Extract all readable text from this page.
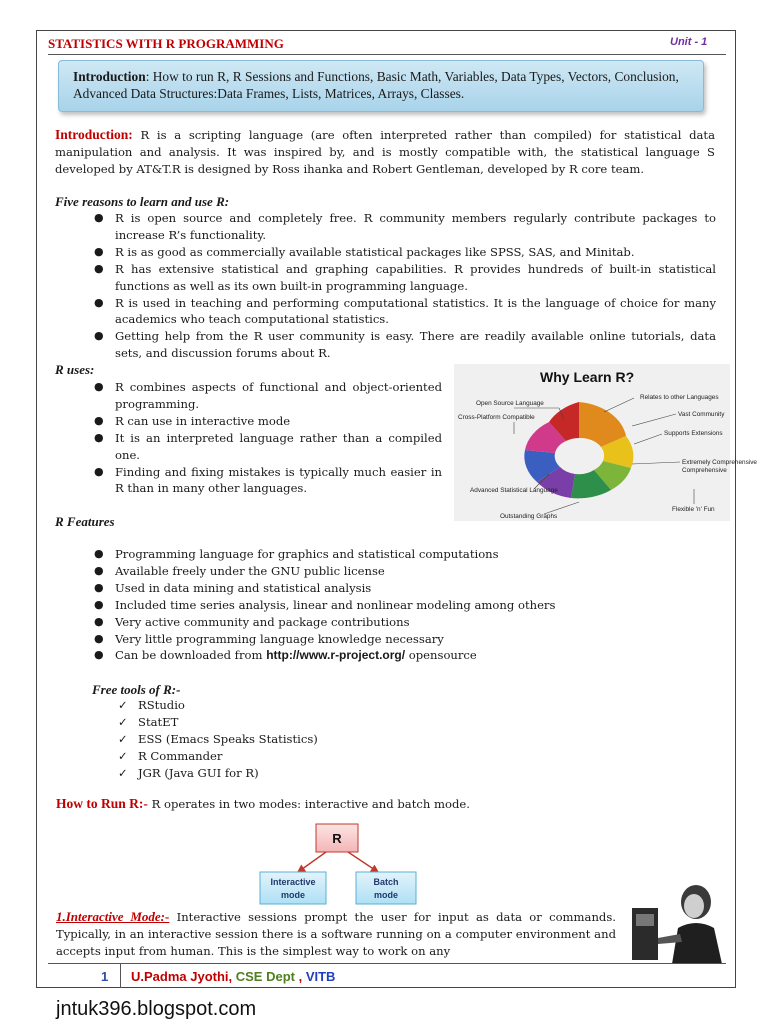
STATISTICS WITH R PROGRAMMING	Unit - 1
Introduction: How to run R, R Sessions and Functions, Basic Math, Variables, Data Types, Vectors, Conclusion, Advanced Data Structures:Data Frames, Lists, Matrices, Arrays, Classes.
Introduction: R is a scripting language (are often interpreted rather than compiled) for statistical data manipulation and analysis. It was inspired by, and is mostly compatible with, the statistical language S developed by AT&T.R is designed by Ross ihanka and Robert Gentleman, developed by R core team.
Five reasons to learn and use R:
● R is open source and completely free. R community members regularly contribute packages to increase R’s functionality.
● R is as good as commercially available statistical packages like SPSS, SAS, and Minitab.
● R has extensive statistical and graphing capabilities. R provides hundreds of built-in statistical functions as well as its own built-in programming language.
● R is used in teaching and performing computational statistics. It is the language of choice for many academics who teach computational statistics.
● Getting help from the R user community is easy. There are readily available online tutorials, data sets, and discussion forums about R.
R uses:
● R combines aspects of functional and object-oriented programming.
● R can use in interactive mode
● It is an interpreted language rather than a compiled one.
● Finding and fixing mistakes is typically much easier in R than in many other languages.
Why Learn R?
Open Source Language
Relates to other Languages
Cross-Platform Compatible	Vast Community
Supports Extensions
Extremely Comprehensive
Comprehensive
Advanced Statistical Language
Flexible 'n' Fun
Outstanding Graphs
R Features
● Programming language for graphics and statistical computations
● Available freely under the GNU public license
● Used in data mining and statistical analysis
● Included time series analysis, linear and nonlinear modeling among others
● Very active community and package contributions
● Very little programming language knowledge necessary
● Can be downloaded from http://www.r-project.org/ opensource
Free tools of R:-
✓ RStudio
✓ StatET
✓ ESS (Emacs Speaks Statistics)
✓ R Commander
✓ JGR (Java GUI for R)
How to Run R:- R operates in two modes: interactive and batch mode.
R
Interactive
mode
Batch
mode
1.Interactive Mode:- Interactive sessions prompt the user for input as data or commands. Typically, in an interactive session there is a software running on a computer environment and accepts input from human. This is the simplest way to work on any
1 U.Padma Jyothi, CSE Dept , VITB
jntuk396.blogspot.com
